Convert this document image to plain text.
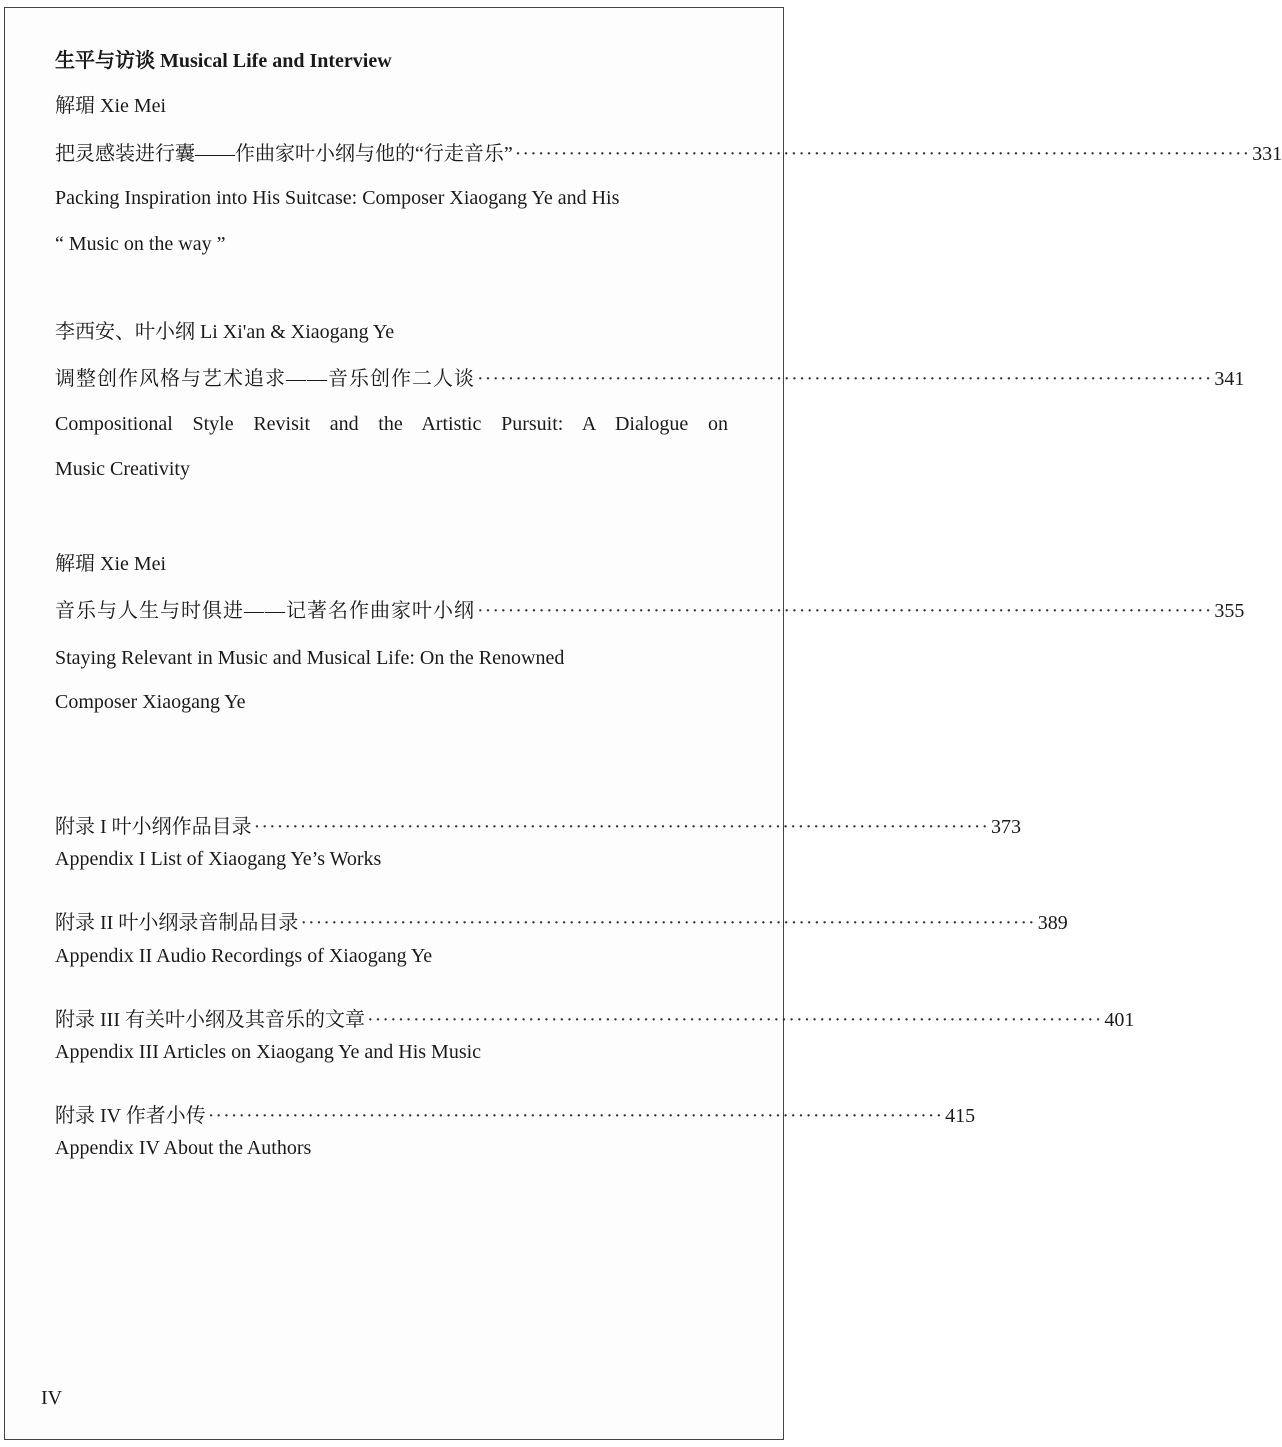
生平与访谈 Musical Life and Interview
解瑂 Xie Mei
把灵感装进行囊——作曲家叶小纲与他的“行走音乐” ································································································ 331
Packing Inspiration into His Suitcase: Composer Xiaogang Ye and His
“ Music on the way ”
李西安、叶小纲 Li Xi'an & Xiaogang Ye
调整创作风格与艺术追求——音乐创作二人谈 ································································································ 341
Compositional Style Revisit and the Artistic Pursuit: A Dialogue on
Music Creativity
解瑂 Xie Mei
音乐与人生与时俱进——记著名作曲家叶小纲 ································································································ 355
Staying Relevant in Music and Musical Life: On the Renowned
Composer Xiaogang Ye
附录 I 叶小纲作品目录 ································································································ 373
Appendix I List of Xiaogang Ye’s Works
附录 II 叶小纲录音制品目录 ································································································ 389
Appendix II Audio Recordings of Xiaogang Ye
附录 III 有关叶小纲及其音乐的文章 ································································································ 401
Appendix III Articles on Xiaogang Ye and His Music
附录 IV 作者小传 ································································································ 415
Appendix IV About the Authors
IV
